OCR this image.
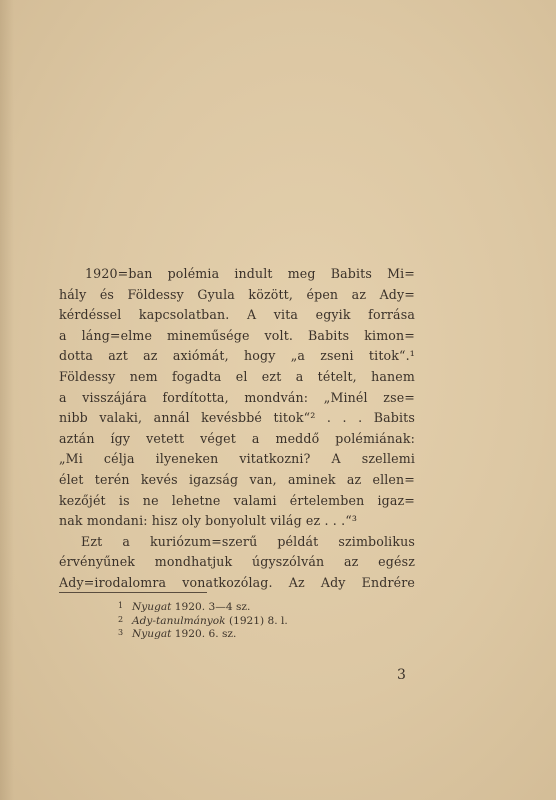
1920=ban polémia indult meg Babits Mi=
hály és Földessy Gyula között, épen az Ady=
kérdéssel kapcsolatban. A vita egyik forrása
a láng=elme mineműsége volt. Babits kimon=
dotta azt az axiómát, hogy „a zseni titok“.¹
Földessy nem fogadta el ezt a tételt, hanem
a visszájára fordította, mondván: „Minél zse=
nibb valaki, annál kevésbbé titok“² . . . Babits
aztán így vetett véget a meddő polémiának:
„Mi célja ilyeneken vitatkozni? A szellemi
élet terén kevés igazság van, aminek az ellen=
kezőjét is ne lehetne valami értelemben igaz=
nak mondani: hisz oly bonyolult világ ez . . .“³
Ezt a kuriózum=szerű példát szimbolikus
érvényűnek mondhatjuk úgyszólván az egész
Ady=irodalomra vonatkozólag. Az Ady Endrére
1 Nyugat 1920. 3—4 sz.
2 Ady-tanulmányok (1921) 8. l.
3 Nyugat 1920. 6. sz.
3
